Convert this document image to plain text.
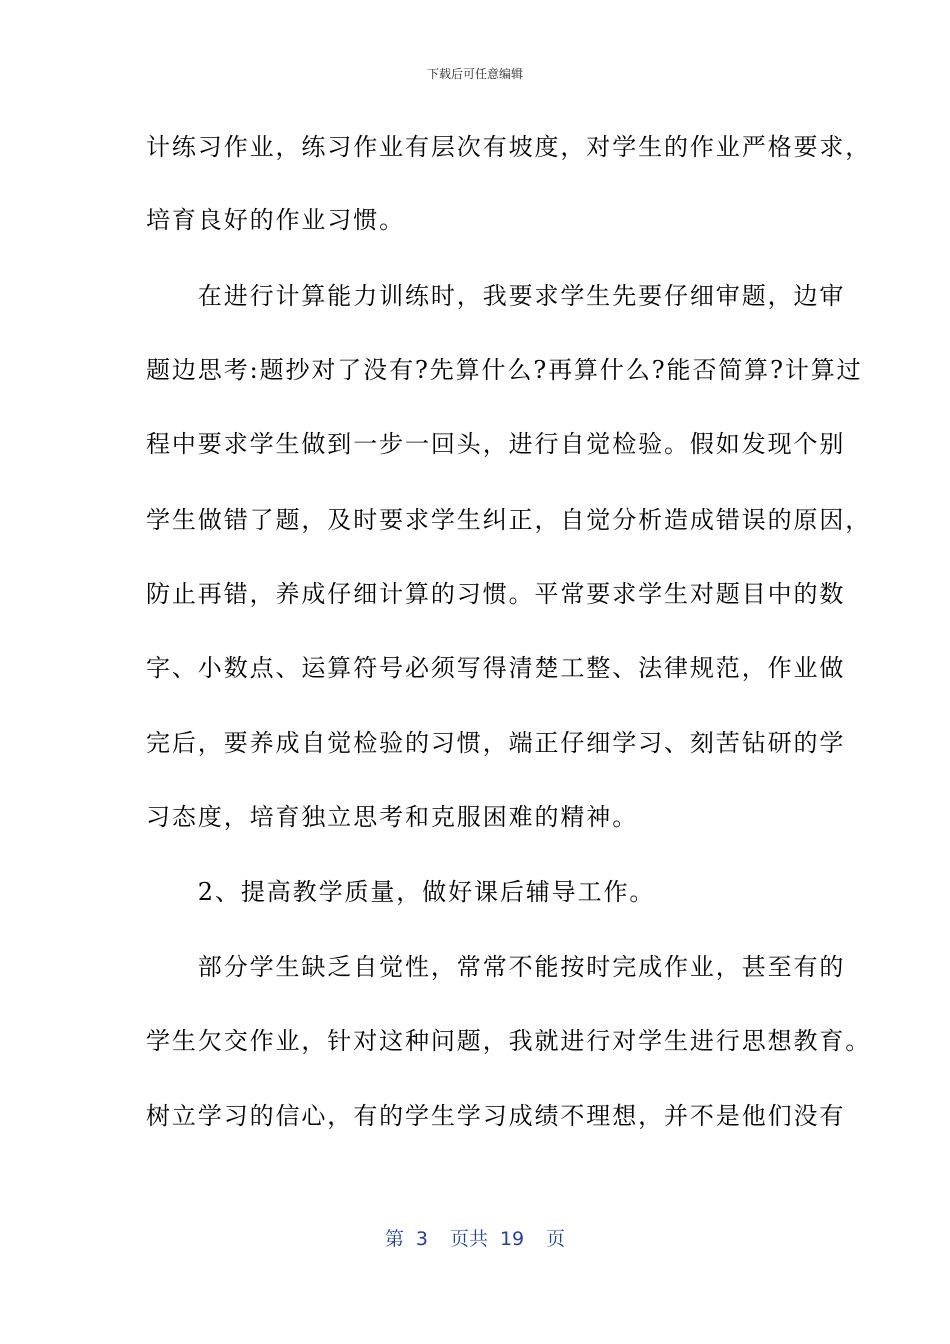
下载后可任意编辑
计练习作业，练习作业有层次有坡度，对学生的作业严格要求，
培育良好的作业习惯。
　　在进行计算能力训练时，我要求学生先要仔细审题，边审
题边思考:题抄对了没有?先算什么?再算什么?能否简算?计算过
程中要求学生做到一步一回头，进行自觉检验。假如发现个别
学生做错了题，及时要求学生纠正，自觉分析造成错误的原因，
防止再错，养成仔细计算的习惯。平常要求学生对题目中的数
字、小数点、运算符号必须写得清楚工整、法律规范，作业做
完后，要养成自觉检验的习惯，端正仔细学习、刻苦钻研的学
习态度，培育独立思考和克服困难的精神。
　　2、提高教学质量，做好课后辅导工作。
　　部分学生缺乏自觉性，常常不能按时完成作业，甚至有的
学生欠交作业，针对这种问题，我就进行对学生进行思想教育。
树立学习的信心，有的学生学习成绩不理想，并不是他们没有
第 3 页共 19 页
